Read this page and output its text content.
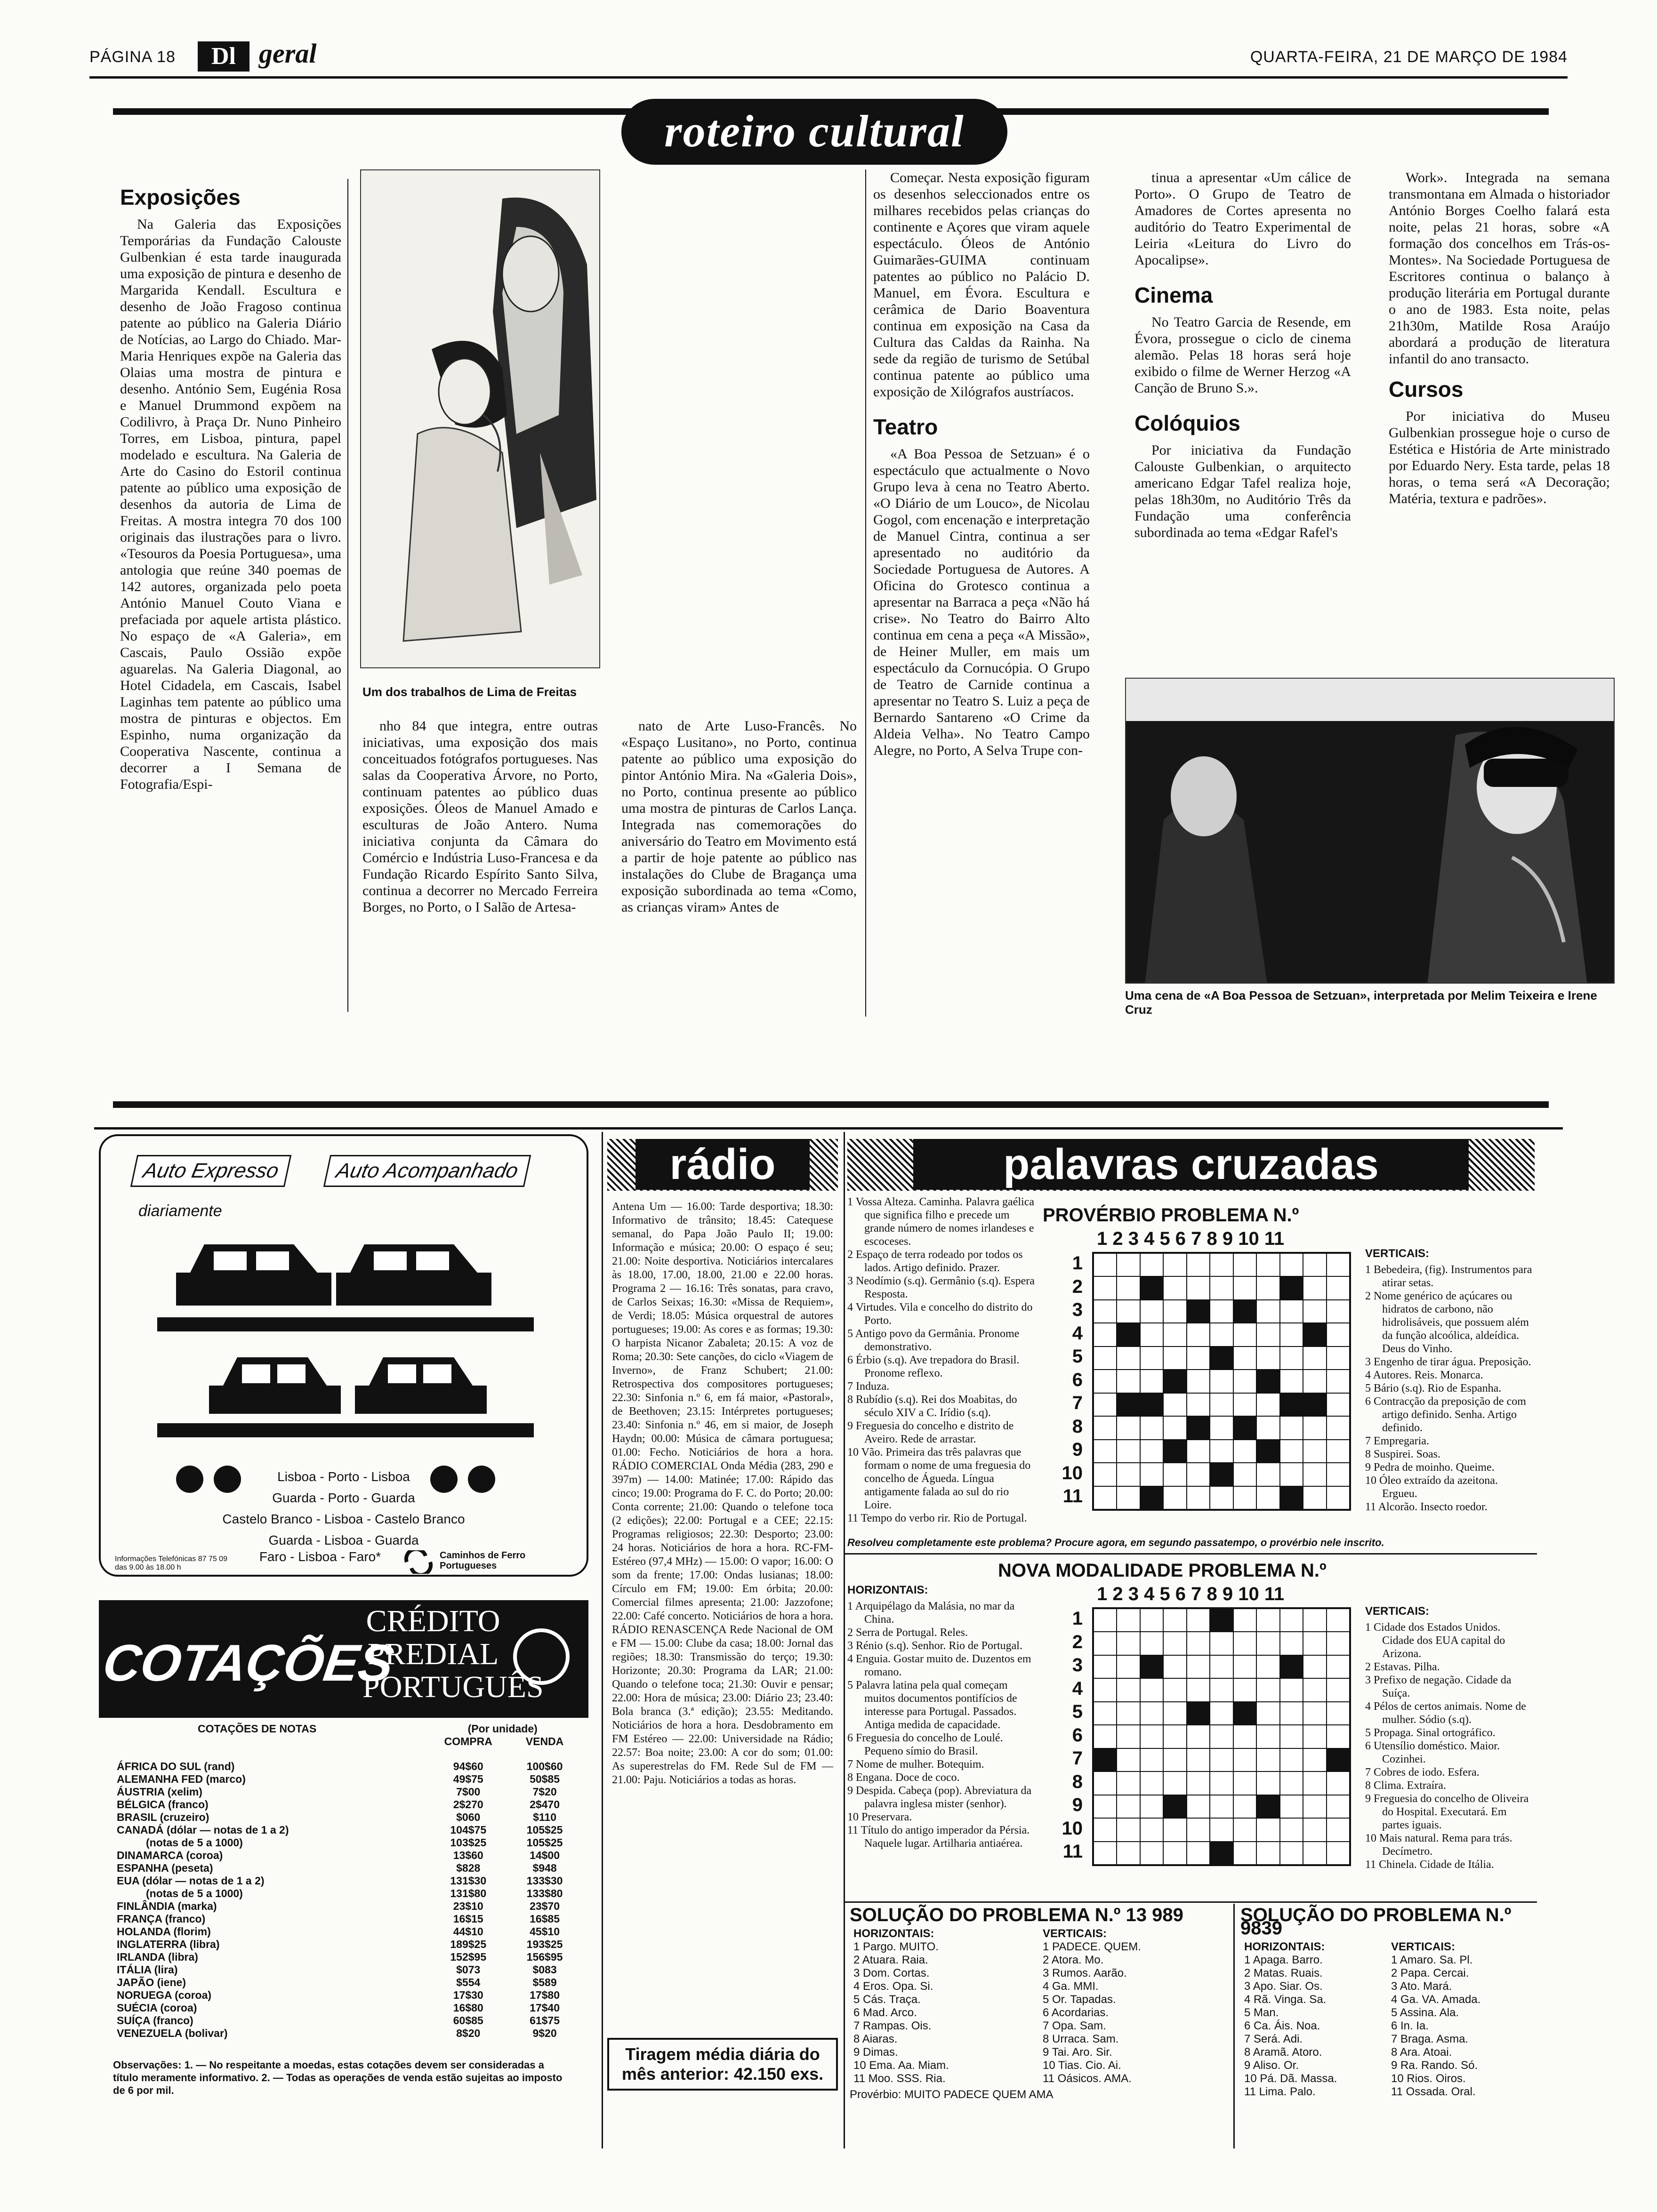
PÁGINA 18	Dl geral	QUARTA-FEIRA, 21 DE MARÇO DE 1984
roteiro cultural
Exposições

Na Galeria das Exposições Temporárias da Fundação Calouste Gulbenkian é esta tarde inaugurada uma exposição de pintura e desenho de Margarida Kendall. Escultura e desenho de João Fragoso continua patente ao público na Galeria Diário de Notícias, ao Largo do Chiado. Mar-Maria Henriques expõe na Galeria das Olaias uma mostra de pintura e desenho. António Sem, Eugénia Rosa e Manuel Drummond expõem na Codilivro, à Praça Dr. Nuno Pinheiro Torres, em Lisboa, pintura, papel modelado e escultura. Na Galeria de Arte do Casino do Estoril continua patente ao público uma exposição de desenhos da autoria de Lima de Freitas. A mostra integra 70 dos 100 originais das ilustrações para o livro. «Tesouros da Poesia Portuguesa», uma antologia que reúne 340 poemas de 142 autores, organizada pelo poeta António Manuel Couto Viana e prefaciada por aquele artista plástico. No espaço de «A Galeria», em Cascais, Paulo Ossião expõe aguarelas. Na Galeria Diagonal, ao Hotel Cidadela, em Cascais, Isabel Laginhas tem patente ao público uma mostra de pinturas e objectos. Em Espinho, numa organização da Cooperativa Nascente, continua a decorrer a I Semana de Fotografia/Espi-

Um dos trabalhos de Lima de Freitas

nho 84 que integra, entre outras iniciativas, uma exposição dos mais conceituados fotógrafos portugueses. Nas salas da Cooperativa Árvore, no Porto, continuam patentes ao público duas exposições. Óleos de Manuel Amado e esculturas de João Antero. Numa iniciativa conjunta da Câmara do Comércio e Indústria Luso-Francesa e da Fundação Ricardo Espírito Santo Silva, continua a decorrer no Mercado Ferreira Borges, no Porto, o I Salão de Artesa-

nato de Arte Luso-Francês. No «Espaço Lusitano», no Porto, continua patente ao público uma exposição do pintor António Mira. Na «Galeria Dois», no Porto, continua presente ao público uma mostra de pinturas de Carlos Lança. Integrada nas comemorações do aniversário do Teatro em Movimento está a partir de hoje patente ao público nas instalações do Clube de Bragança uma exposição subordinada ao tema «Como, as crianças viram» Antes de

Começar. Nesta exposição figuram os desenhos seleccionados entre os milhares recebidos pelas crianças do continente e Açores que viram aquele espectáculo. Óleos de António Guimarães-GUIMA continuam patentes ao público no Palácio D. Manuel, em Évora. Escultura e cerâmica de Dario Boaventura continua em exposição na Casa da Cultura das Caldas da Rainha. Na sede da região de turismo de Setúbal continua patente ao público uma exposição de Xilógrafos austríacos.

Teatro

«A Boa Pessoa de Setzuan» é o espectáculo que actualmente o Novo Grupo leva à cena no Teatro Aberto. «O Diário de um Louco», de Nicolau Gogol, com encenação e interpretação de Manuel Cintra, continua a ser apresentado no auditório da Sociedade Portuguesa de Autores. A Oficina do Grotesco continua a apresentar na Barraca a peça «Não há crise». No Teatro do Bairro Alto continua em cena a peça «A Missão», de Heiner Muller, em mais um espectáculo da Cornucópia. O Grupo de Teatro de Carnide continua a apresentar no Teatro S. Luiz a peça de Bernardo Santareno «O Crime da Aldeia Velha». No Teatro Campo Alegre, no Porto, A Selva Trupe con-

tinua a apresentar «Um cálice de Porto». O Grupo de Teatro de Amadores de Cortes apresenta no auditório do Teatro Experimental de Leiria «Leitura do Livro do Apocalipse».

Cinema

No Teatro Garcia de Resende, em Évora, prossegue o ciclo de cinema alemão. Pelas 18 horas será hoje exibido o filme de Werner Herzog «A Canção de Bruno S.».

Colóquios

Por iniciativa da Fundação Calouste Gulbenkian, o arquitecto americano Edgar Tafel realiza hoje, pelas 18h30m, no Auditório Três da Fundação uma conferência subordinada ao tema «Edgar Rafel's

Work». Integrada na semana transmontana em Almada o historiador António Borges Coelho falará esta noite, pelas 21 horas, sobre «A formação dos concelhos em Trás-os-Montes». Na Sociedade Portuguesa de Escritores continua o balanço à produção literária em Portugal durante o ano de 1983. Esta noite, pelas 21h30m, Matilde Rosa Araújo abordará a produção de literatura infantil do ano transacto.

Cursos

Por iniciativa do Museu Gulbenkian prossegue hoje o curso de Estética e História de Arte ministrado por Eduardo Nery. Esta tarde, pelas 18 horas, o tema será «A Decoração; Matéria, textura e padrões».

Uma cena de «A Boa Pessoa de Setzuan», interpretada por Melim Teixeira e Irene Cruz
Auto Expresso	Auto Acompanhado
diariamente
Lisboa - Porto - Lisboa
Guarda - Porto - Guarda
Castelo Branco - Lisboa - Castelo Branco
Guarda - Lisboa - Guarda
Faro - Lisboa - Faro*
Informações Telefónicas 87 75 09 das 9.00 às 18.00 h
Caminhos de Ferro Portugueses
COTAÇÕES
CRÉDITO PREDIAL PORTUGUÊS
COTAÇÕES DE NOTAS	(Por unidade)	
	COMPRA	VENDA

ÁFRICA DO SUL (rand)	94$60	100$60
ALEMANHA FED (marco)	49$75	50$85
ÁUSTRIA (xelim)	7$00	7$20
BÉLGICA (franco)	2$270	2$470
BRASIL (cruzeiro)	$060	$110
CANADÁ (dólar — notas de 1 a 2)	104$75	105$25
(notas de 5 a 1000)	103$25	105$25
DINAMARCA (coroa)	13$60	14$00
ESPANHA (peseta)	$828	$948
EUA (dólar — notas de 1 a 2)	131$30	133$30
(notas de 5 a 1000)	131$80	133$80
FINLÂNDIA (marka)	23$10	23$70
FRANÇA (franco)	16$15	16$85
HOLANDA (florim)	44$10	45$10
INGLATERRA (libra)	189$25	193$25
IRLANDA (libra)	152$95	156$95
ITÁLIA (lira)	$073	$083
JAPÃO (iene)	$554	$589
NORUEGA (coroa)	17$30	17$80
SUÉCIA (coroa)	16$80	17$40
SUÍÇA (franco)	60$85	61$75
VENEZUELA (bolivar)	8$20	9$20
Observações: 1. — No respeitante a moedas, estas cotações devem ser consideradas a título meramente informativo. 2. — Todas as operações de venda estão sujeitas ao imposto de 6 por mil.
rádio
Antena Um — 16.00: Tarde desportiva; 18.30: Informativo de trânsito; 18.45: Catequese semanal, do Papa João Paulo II; 19.00: Informação e música; 20.00: O espaço é seu; 21.00: Noite desportiva. Noticiários intercalares às 18.00, 17.00, 18.00, 21.00 e 22.00 horas. Programa 2 — 16.16: Três sonatas, para cravo, de Carlos Seixas; 16.30: «Missa de Requiem», de Verdi; 18.05: Música orquestral de autores portugueses; 19.00: As cores e as formas; 19.30: O harpista Nicanor Zabaleta; 20.15: A voz de Roma; 20.30: Sete canções, do ciclo «Viagem de Inverno», de Franz Schubert; 21.00: Retrospectiva dos compositores portugueses; 22.30: Sinfonia n.º 6, em fá maior, «Pastoral», de Beethoven; 23.15: Intérpretes portugueses; 23.40: Sinfonia n.º 46, em si maior, de Joseph Haydn; 00.00: Música de câmara portuguesa; 01.00: Fecho. Noticiários de hora a hora. RÁDIO COMERCIAL Onda Média (283, 290 e 397m) — 14.00: Matinée; 17.00: Rápido das cinco; 19.00: Programa do F. C. do Porto; 20.00: Conta corrente; 21.00: Quando o telefone toca (2 edições); 22.00: Portugal e a CEE; 22.15: Programas religiosos; 22.30: Desporto; 23.00: 24 horas. Noticiários de hora a hora. RC-FM-Estéreo (97,4 MHz) — 15.00: O vapor; 16.00: O som da frente; 17.00: Ondas lusianas; 18.00: Círculo em FM; 19.00: Em órbita; 20.00: Comercial filmes apresenta; 21.00: Jazzofone; 22.00: Café concerto. Noticiários de hora a hora. RÁDIO RENASCENÇA Rede Nacional de OM e FM — 15.00: Clube da casa; 18.00: Jornal das regiões; 18.30: Transmissão do terço; 19.30: Horizonte; 20.30: Programa da LAR; 21.00: Quando o telefone toca; 21.30: Ouvir e pensar; 22.00: Hora de música; 23.00: Diário 23; 23.40: Bola branca (3.ª edição); 23.55: Meditando. Noticiários de hora a hora. Desdobramento em FM Estéreo — 22.00: Universidade na Rádio; 22.57: Boa noite; 23.00: A cor do som; 01.00: As superestrelas do FM. Rede Sul de FM — 21.00: Paju. Noticiários a todas as horas.
Tiragem média diária do mês anterior: 42.150 exs.
palavras cruzadas
1 Vossa Alteza. Caminha. Palavra gaélica que significa filho e precede um grande número de nomes irlandeses e escoceses.
2 Espaço de terra rodeado por todos os lados. Artigo definido. Prazer.
3 Neodímio (s.q). Germânio (s.q). Espera Resposta.
4 Virtudes. Vila e concelho do distrito do Porto.
5 Antigo povo da Germânia. Pronome demonstrativo.
6 Érbio (s.q). Ave trepadora do Brasil. Pronome reflexo.
7 Induza.
8 Rubídio (s.q). Rei dos Moabitas, do século XIV a C. Irídio (s.q).
9 Freguesia do concelho e distrito de Aveiro. Rede de arrastar.
10 Vão. Primeira das três palavras que formam o nome de uma freguesia do concelho de Águeda. Língua antigamente falada ao sul do rio Loire.
11 Tempo do verbo rir. Rio de Portugal.
PROVÉRBIO PROBLEMA N.º
1 2 3 4 5 6 7 8 9 10 11
1
2
3
4
5
6
7
8
9
10
11
VERTICAIS:
1 Bebedeira, (fig). Instrumentos para atirar setas.
2 Nome genérico de açúcares ou hidratos de carbono, não hidrolisáveis, que possuem além da função alcoólica, aldeídica. Deus do Vinho.
3 Engenho de tirar água. Preposição.
4 Autores. Reis. Monarca.
5 Bário (s.q). Rio de Espanha.
6 Contracção da preposição de com artigo definido. Senha. Artigo definido.
7 Empregaria.
8 Suspirei. Soas.
9 Pedra de moinho. Queime.
10 Óleo extraído da azeitona. Ergueu.
11 Alcorão. Insecto roedor.
Resolveu completamente este problema? Procure agora, em segundo passatempo, o provérbio nele inscrito.
NOVA MODALIDADE PROBLEMA N.º
1 2 3 4 5 6 7 8 9 10 11
1
2
3
4
5
6
7
8
9
10
11
HORIZONTAIS:
1 Arquipélago da Malásia, no mar da China.
2 Serra de Portugal. Reles.
3 Rénio (s.q). Senhor. Rio de Portugal.
4 Enguia. Gostar muito de. Duzentos em romano.
5 Palavra latina pela qual começam muitos documentos pontifícios de interesse para Portugal. Passados. Antiga medida de capacidade.
6 Freguesia do concelho de Loulé. Pequeno símio do Brasil.
7 Nome de mulher. Botequim.
8 Engana. Doce de coco.
9 Despida. Cabeça (pop). Abreviatura da palavra inglesa mister (senhor).
10 Preservara.
11 Título do antigo imperador da Pérsia. Naquele lugar. Artilharia antiaérea.
VERTICAIS:
1 Cidade dos Estados Unidos. Cidade dos EUA capital do Arizona.
2 Estavas. Pilha.
3 Prefixo de negação. Cidade da Suíça.
4 Pélos de certos animais. Nome de mulher. Sódio (s.q).
5 Propaga. Sinal ortográfico.
6 Utensílio doméstico. Maior. Cozinhei.
7 Cobres de iodo. Esfera.
8 Clima. Extraíra.
9 Freguesia do concelho de Oliveira do Hospital. Executará. Em partes iguais.
10 Mais natural. Rema para trás. Decímetro.
11 Chinela. Cidade de Itália.
SOLUÇÃO DO PROBLEMA N.º 13 989
HORIZONTAIS:
1 Pargo. MUITO.
2 Atuara. Raia.
3 Dom. Cortas.
4 Eros. Opa. Si.
5 Cás. Traça.
6 Mad. Arco.
7 Rampas. Ois.
8 Aiaras.
9 Dimas.
10 Ema. Aa. Miam.
11 Moo. SSS. Ria.

VERTICAIS:
1 PADECE. QUEM.
2 Atora. Mo.
3 Rumos. Aarão.
4 Ga. MMI.
5 Or. Tapadas.
6 Acordarias.
7 Opa. Sam.
8 Urraca. Sam.
9 Tai. Aro. Sir.
10 Tias. Cio. Ai.
11 Oásicos. AMA.
Provérbio: MUITO PADECE QUEM AMA
SOLUÇÃO DO PROBLEMA N.º 9839
HORIZONTAIS:
1 Apaga. Barro.
2 Matas. Ruais.
3 Apo. Siar. Os.
4 Rã. Vinga. Sa.
5 Man.
6 Ca. Áis. Noa.
7 Será. Adi.
8 Aramã. Atoro.
9 Aliso. Or.
10 Pá. Dã. Massa.
11 Lima. Palo.

VERTICAIS:
1 Amaro. Sa. Pl.
2 Papa. Cercai.
3 Ato. Mará.
4 Ga. VA. Amada.
5 Assina. Ala.
6 In. Ia.
7 Braga. Asma.
8 Ara. Atoai.
9 Ra. Rando. Só.
10 Rios. Oiros.
11 Ossada. Oral.
